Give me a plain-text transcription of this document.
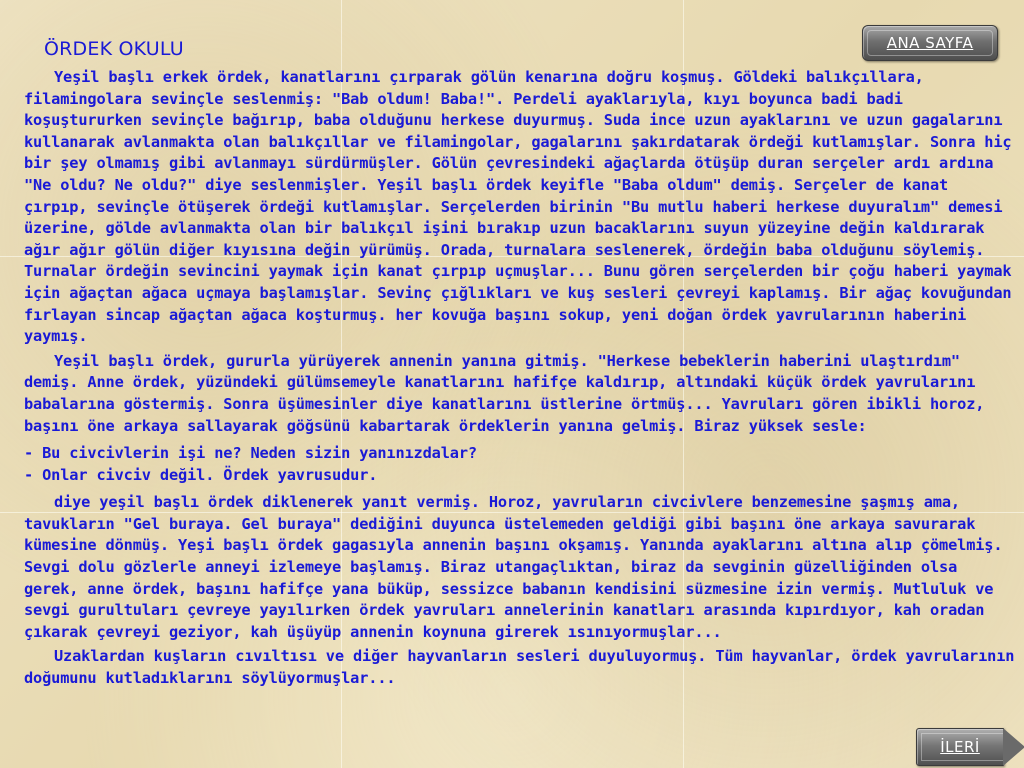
ÖRDEK OKULU	ANA SAYFA

Yeşil başlı erkek ördek, kanatlarını çırparak gölün kenarına doğru koşmuş. Göldeki balıkçıllara, filamingolara sevinçle seslenmiş: "Bab oldum! Baba!". Perdeli ayaklarıyla, kıyı boyunca badi badi koşuştururken sevinçle bağırıp, baba olduğunu herkese duyurmuş. Suda ince uzun ayaklarını ve uzun gagalarını kullanarak avlanmakta olan balıkçıllar ve filamingolar, gagalarını şakırdatarak ördeği kutlamışlar. Sonra hiç bir şey olmamış gibi avlanmayı sürdürmüşler. Gölün çevresindeki ağaçlarda ötüşüp duran serçeler ardı ardına "Ne oldu? Ne oldu?" diye seslenmişler. Yeşil başlı ördek keyifle "Baba oldum" demiş. Serçeler de kanat çırpıp, sevinçle ötüşerek ördeği kutlamışlar. Serçelerden birinin "Bu mutlu haberi herkese duyuralım" demesi üzerine, gölde avlanmakta olan bir balıkçıl işini bırakıp uzun bacaklarını suyun yüzeyine değin kaldırarak ağır ağır gölün diğer kıyısına değin yürümüş. Orada, turnalara seslenerek, ördeğin baba olduğunu söylemiş. Turnalar ördeğin sevincini yaymak için kanat çırpıp uçmuşlar... Bunu gören serçelerden bir çoğu haberi yaymak için ağaçtan ağaca uçmaya başlamışlar. Sevinç çığlıkları ve kuş sesleri çevreyi kaplamış. Bir ağaç kovuğundan fırlayan sincap ağaçtan ağaca koşturmuş. her kovuğa başını sokup, yeni doğan ördek yavrularının haberini yaymış.

Yeşil başlı ördek, gururla yürüyerek annenin yanına gitmiş. "Herkese bebeklerin haberini ulaştırdım" demiş. Anne ördek, yüzündeki gülümsemeyle kanatlarını hafifçe kaldırıp, altındaki küçük ördek yavrularını babalarına göstermiş. Sonra üşümesinler diye kanatlarını üstlerine örtmüş... Yavruları gören ibikli horoz, başını öne arkaya sallayarak göğsünü kabartarak ördeklerin yanına gelmiş. Biraz yüksek sesle:

- Bu civcivlerin işi ne? Neden sizin yanınızdalar?

- Onlar civciv değil. Ördek yavrusudur.

diye yeşil başlı ördek diklenerek yanıt vermiş. Horoz, yavruların civcivlere benzemesine şaşmış ama, tavukların "Gel buraya. Gel buraya" dediğini duyunca üstelemeden geldiği gibi başını öne arkaya savurarak kümesine dönmüş. Yeşi başlı ördek gagasıyla annenin başını okşamış. Yanında ayaklarını altına alıp çömelmiş. Sevgi dolu gözlerle anneyi izlemeye başlamış. Biraz utangaçlıktan, biraz da sevginin güzelliğinden olsa gerek, anne ördek, başını hafifçe yana büküp, sessizce babanın kendisini süzmesine izin vermiş. Mutluluk ve sevgi gurultuları çevreye yayılırken ördek yavruları annelerinin kanatları arasında kıpırdıyor, kah oradan çıkarak çevreyi geziyor, kah üşüyüp annenin koynuna girerek ısınıyormuşlar...

Uzaklardan kuşların cıvıltısı ve diğer hayvanların sesleri duyuluyormuş. Tüm hayvanlar, ördek yavrularının doğumunu kutladıklarını söylüyormuşlar...

İLERİ
